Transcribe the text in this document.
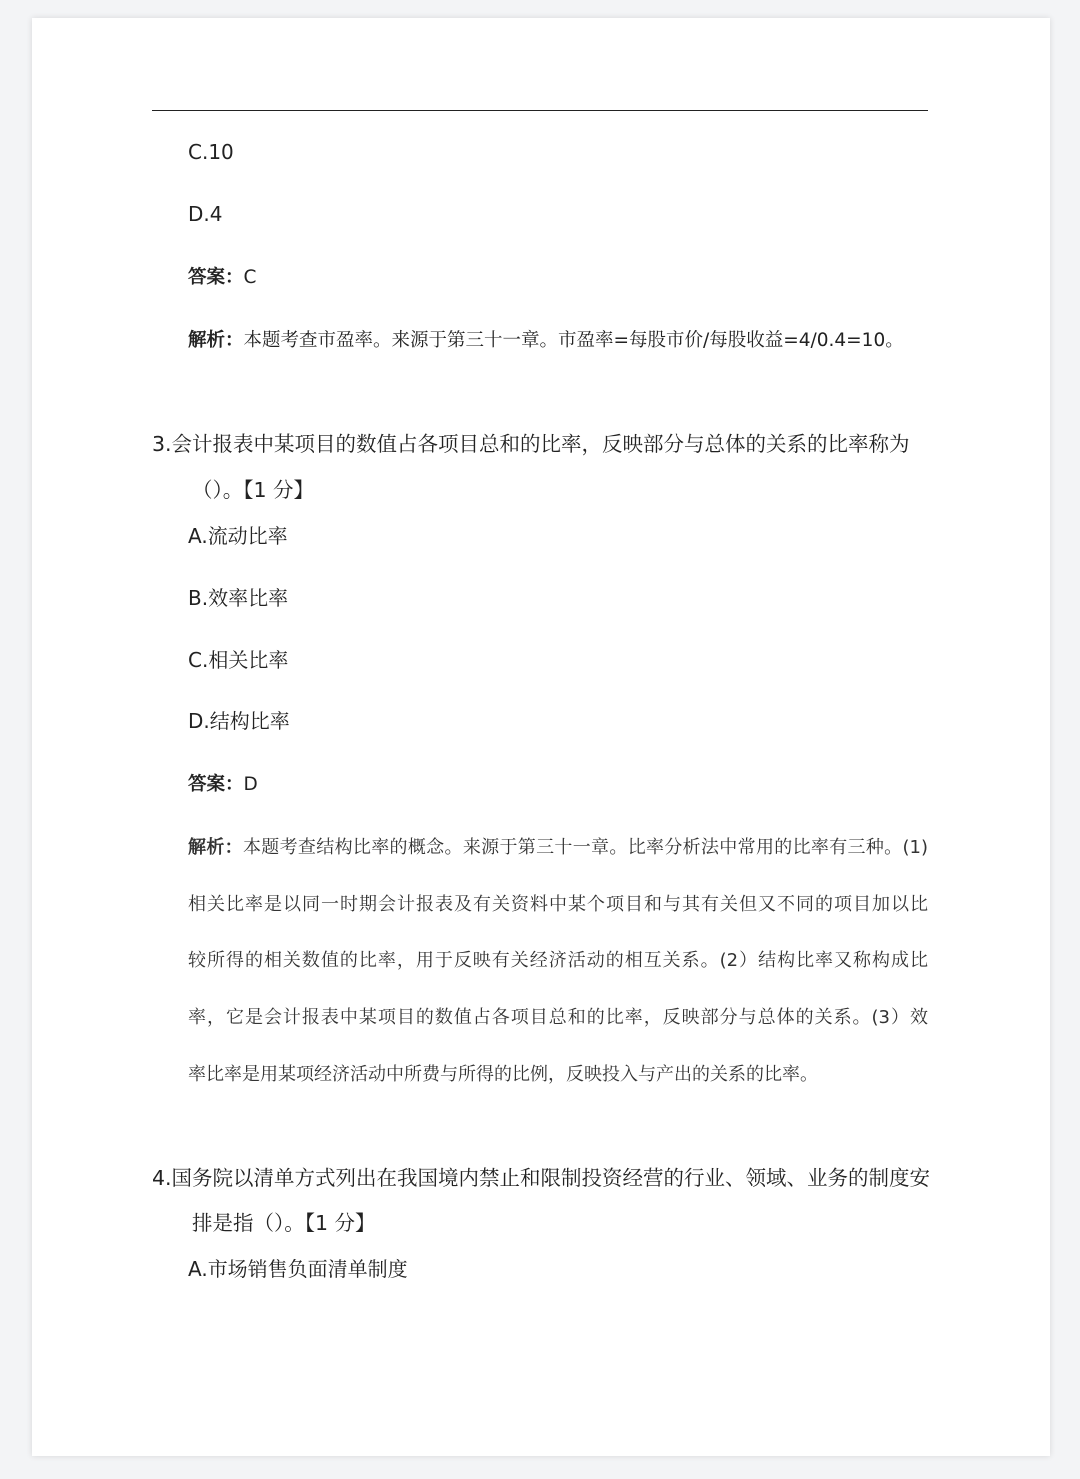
C.10
D.4
答案：C
解析：本题考查市盈率。来源于第三十一章。市盈率=每股市价/每股收益=4/0.4=10。
3.会计报表中某项目的数值占各项目总和的比率，反映部分与总体的关系的比率称为
（）。【1 分】
A.流动比率
B.效率比率
C.相关比率
D.结构比率
答案：D
解析：本题考查结构比率的概念。来源于第三十一章。比率分析法中常用的比率有三种。(1)
相关比率是以同一时期会计报表及有关资料中某个项目和与其有关但又不同的项目加以比
较所得的相关数值的比率，用于反映有关经济活动的相互关系。(2）结构比率又称构成比
率，它是会计报表中某项目的数值占各项目总和的比率，反映部分与总体的关系。(3）效
率比率是用某项经济活动中所费与所得的比例，反映投入与产出的关系的比率。
4.国务院以清单方式列出在我国境内禁止和限制投资经营的行业、领域、业务的制度安
排是指（）。【1 分】
A.市场销售负面清单制度
